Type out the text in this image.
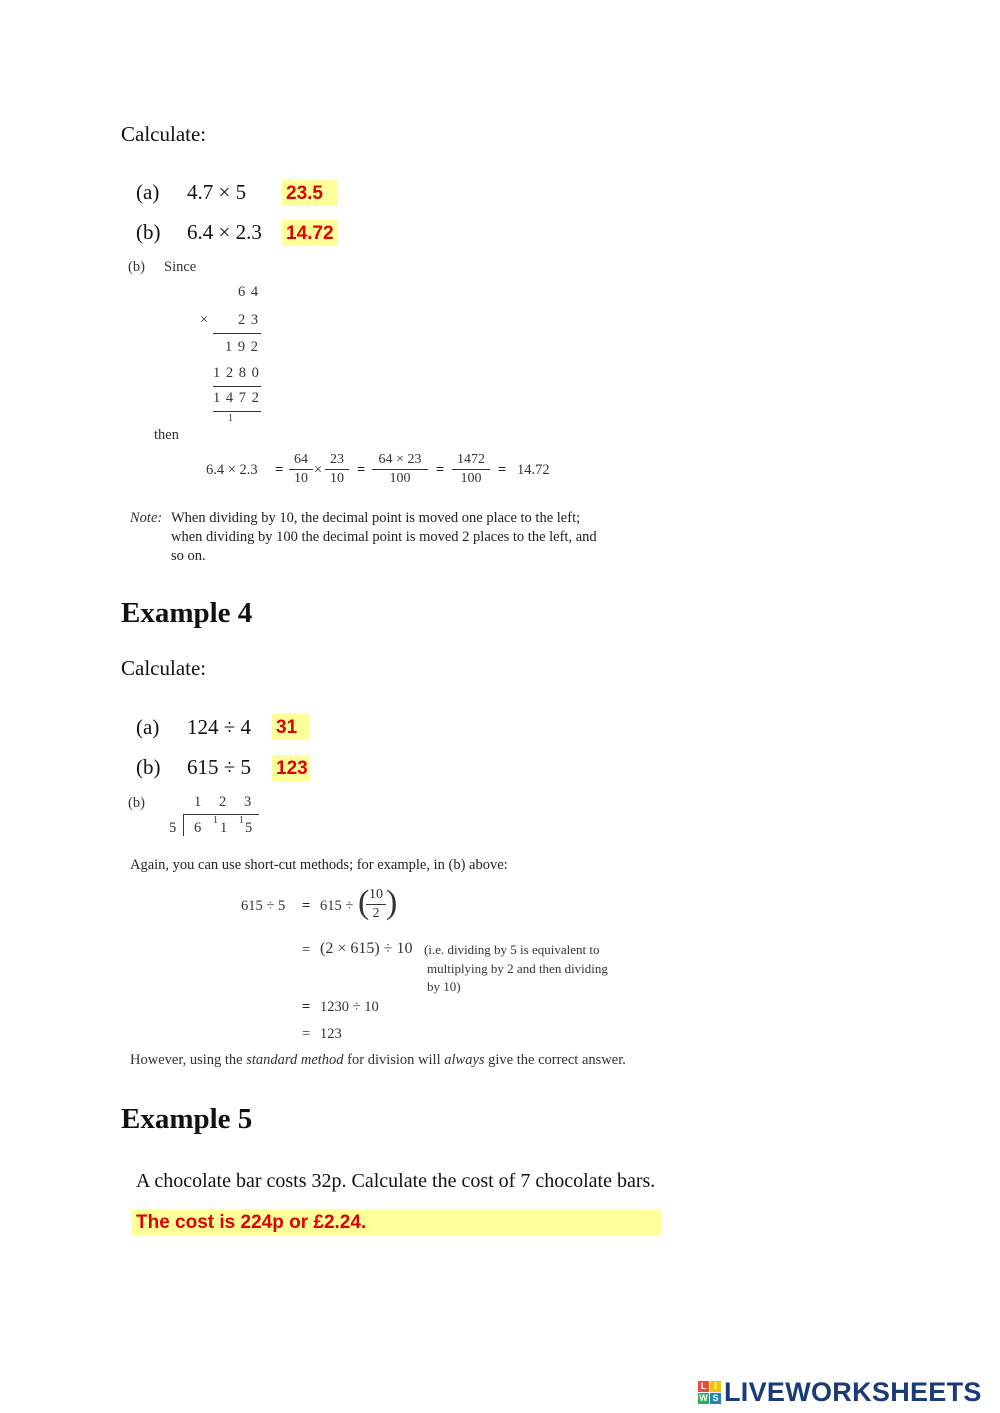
Calculate:
(a) 4.7 × 5 23.5
(b) 6.4 × 2.3 14.72
(b) Since
6 4
× 2 3
1 9 2
1 2 8 0
1 4 7 2
1
then
$6.4 \times 2.3 = \frac{64}{10} \times \frac{23}{10} = \frac{64 \times 23}{100} = \frac{1472}{100} = 14.72$
Note: When dividing by 10, the decimal point is moved one place to the left;
when dividing by 100 the decimal point is moved 2 places to the left, and
so on.
Example 4
Calculate:
(a) 124 ÷ 4 31
(b) 615 ÷ 5 123
(b)	1 2 3
5 6 1 1 1 5
Again, you can use short-cut methods; for example, in (b) above:
615 ÷ 5 = 615 ÷ (
$\frac{10}{2}$ )
= (2 × 615) ÷ 10 (i.e. dividing by 5 is equivalent to
multiplying by 2 and then dividing
by 10)
= 1230 ÷ 10
= 123
However, using the standard method for division will always give the correct answer.
Example 5
A chocolate bar costs 32p. Calculate the cost of 7 chocolate bars.
The cost is 224p or £2.24.
L I
W S LIVEWORKSHEETS
